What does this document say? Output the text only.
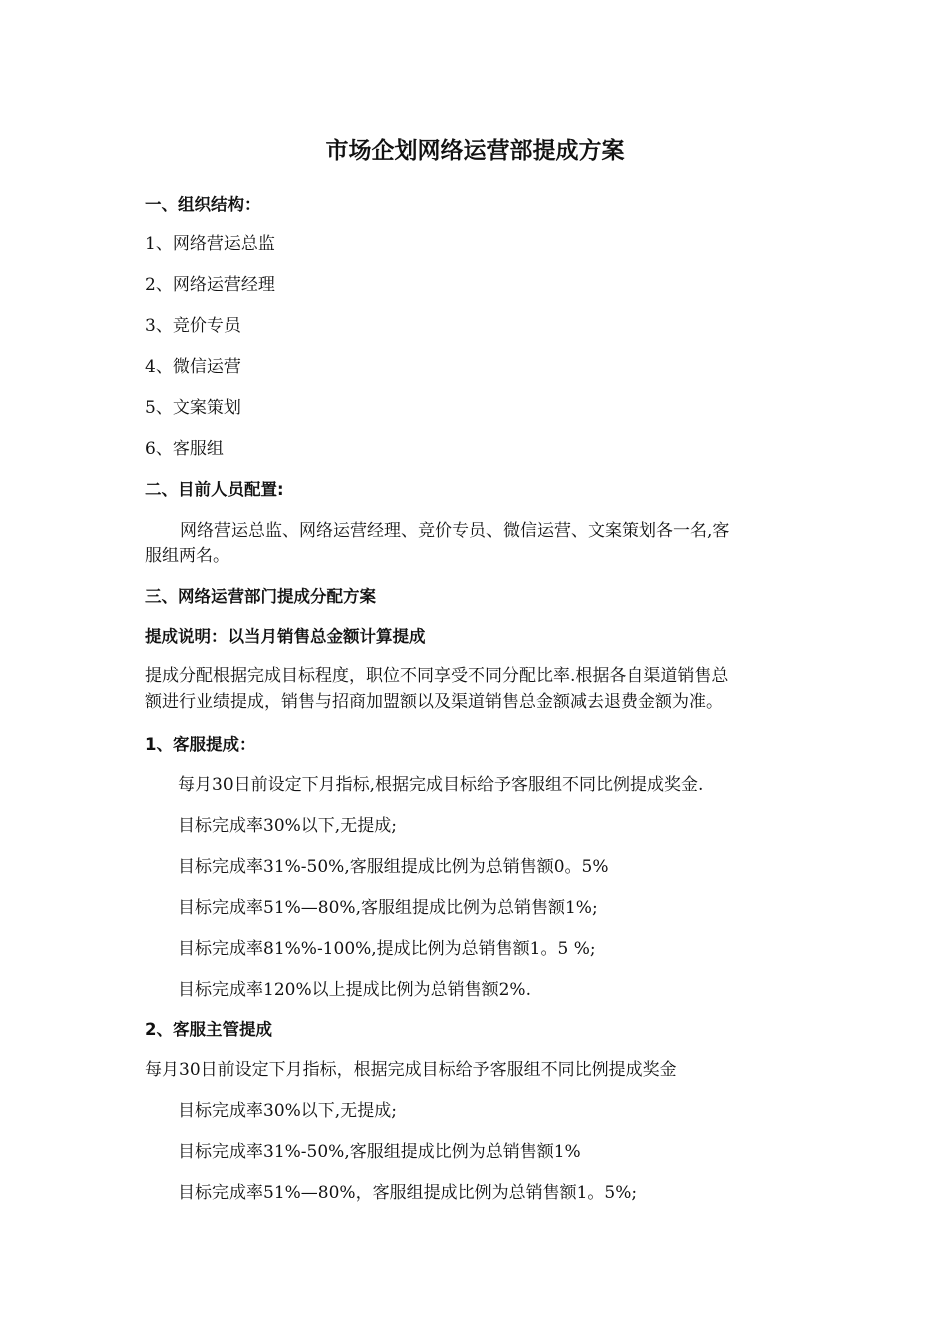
市场企划网络运营部提成方案
一、组织结构：
1、网络营运总监
2、网络运营经理
3、竞价专员
4、微信运营
5、文案策划
6、客服组
二、目前人员配置:
网络营运总监、网络运营经理、竞价专员、微信运营、文案策划各一名,客
服组两名。
三、网络运营部门提成分配方案
提成说明：以当月销售总金额计算提成
提成分配根据完成目标程度，职位不同享受不同分配比率.根据各自渠道销售总
额进行业绩提成，销售与招商加盟额以及渠道销售总金额减去退费金额为准。
1、客服提成：
每月30日前设定下月指标,根据完成目标给予客服组不同比例提成奖金.
目标完成率30%以下,无提成;
目标完成率31%-50%,客服组提成比例为总销售额0。5%
目标完成率51%—80%,客服组提成比例为总销售额1%;
目标完成率81%%-100%,提成比例为总销售额1。5 %;
目标完成率120%以上提成比例为总销售额2%.
2、客服主管提成
每月30日前设定下月指标，根据完成目标给予客服组不同比例提成奖金
目标完成率30%以下,无提成;
目标完成率31%-50%,客服组提成比例为总销售额1%
目标完成率51%—80%，客服组提成比例为总销售额1。5%;
